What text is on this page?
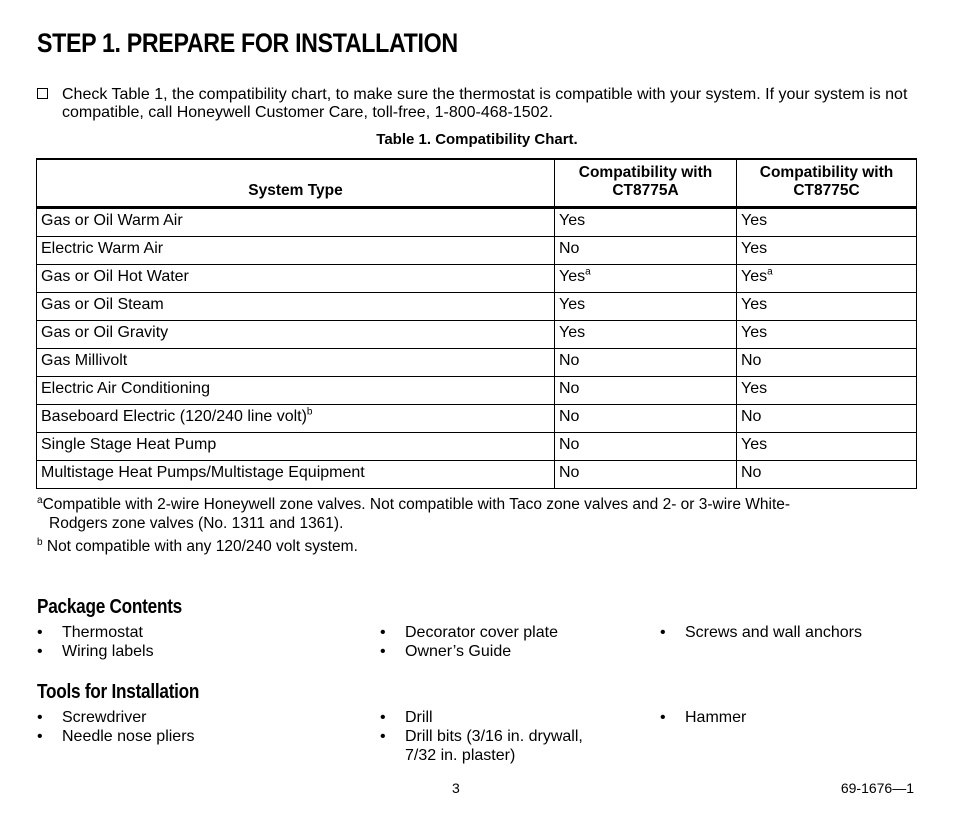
STEP 1. PREPARE FOR INSTALLATION
Check Table 1, the compatibility chart, to make sure the thermostat is compatible with your system. If your system is not compatible, call Honeywell Customer Care, toll-free, 1-800-468-1502.
Table 1. Compatibility Chart.
System Type	Compatibility with CT8775A	Compatibility with CT8775C
Gas or Oil Warm Air	Yes	Yes
Electric Warm Air	No	Yes
Gas or Oil Hot Water	Yes$^a$	Yes$^a$
Gas or Oil Steam	Yes	Yes
Gas or Oil Gravity	Yes	Yes
Gas Millivolt	No	No
Electric Air Conditioning	No	Yes
Baseboard Electric (120/240 line volt)$^b$	No	No
Single Stage Heat Pump	No	Yes
Multistage Heat Pumps/Multistage Equipment	No	No
$^a$Compatible with 2-wire Honeywell zone valves. Not compatible with Taco zone valves and 2- or 3-wire White-
Rodgers zone valves (No. 1311 and 1361).
$^b$ Not compatible with any 120/240 volt system.
Package Contents
• Thermostat
• Wiring labels
• Decorator cover plate
• Owner’s Guide
• Screws and wall anchors
Tools for Installation
• Screwdriver
• Needle nose pliers
• Drill
• Drill bits (3/16 in. drywall, 7/32 in. plaster)
• Hammer
3	69-1676—1
